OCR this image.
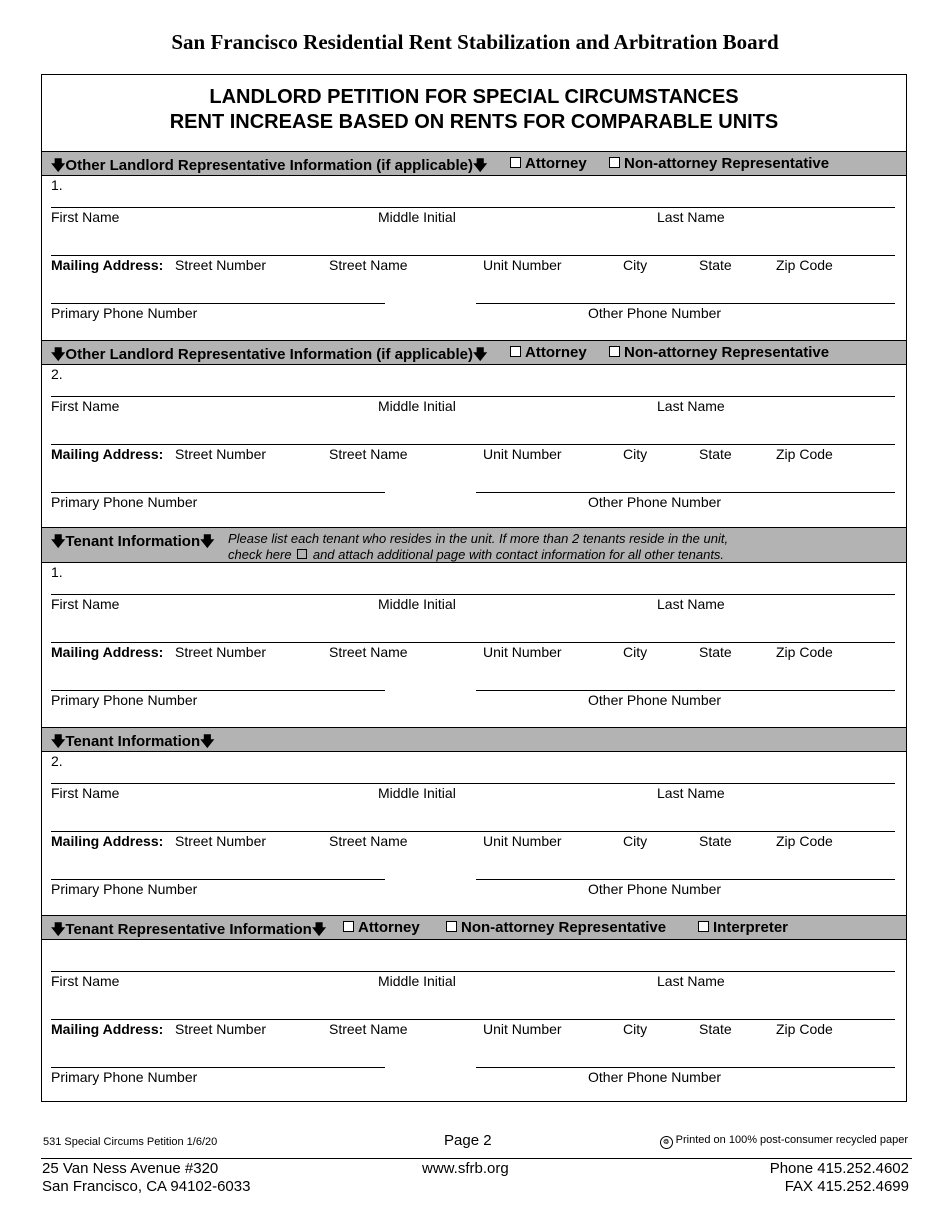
San Francisco Residential Rent Stabilization and Arbitration Board
LANDLORD PETITION FOR SPECIAL CIRCUMSTANCES
RENT INCREASE BASED ON RENTS FOR COMPARABLE UNITS
🡇Other Landlord Representative Information (if applicable)🡇	Attorney	Non-attorney Representative
1.
First Name	Middle Initial	Last Name
Mailing Address: Street Number	Street Name	Unit Number	City	State	Zip Code
Primary Phone Number	Other Phone Number
🡇Other Landlord Representative Information (if applicable)🡇	Attorney	Non-attorney Representative
2.
First Name	Middle Initial	Last Name
Mailing Address: Street Number	Street Name	Unit Number	City	State	Zip Code
Primary Phone Number	Other Phone Number
🡇Tenant Information🡇 Please list each tenant who resides in the unit. If more than 2 tenants reside in the unit,
check here and attach additional page with contact information for all other tenants.
1.
First Name	Middle Initial	Last Name
Mailing Address: Street Number	Street Name	Unit Number	City	State	Zip Code
Primary Phone Number	Other Phone Number
🡇Tenant Information🡇
2.
First Name	Middle Initial	Last Name
Mailing Address: Street Number	Street Name	Unit Number	City	State	Zip Code
Primary Phone Number	Other Phone Number
🡇Tenant Representative Information🡇	Attorney	Non-attorney Representative	Interpreter
First Name	Middle Initial	Last Name
Mailing Address: Street Number	Street Name	Unit Number	City	State	Zip Code
Primary Phone Number	Other Phone Number
531 Special Circums Petition 1/6/20	Page 2	♲ Printed on 100% post-consumer recycled paper
25 Van Ness Avenue #320
San Francisco, CA 94102-6033
www.sfrb.org	Phone 415.252.4602
FAX 415.252.4699
